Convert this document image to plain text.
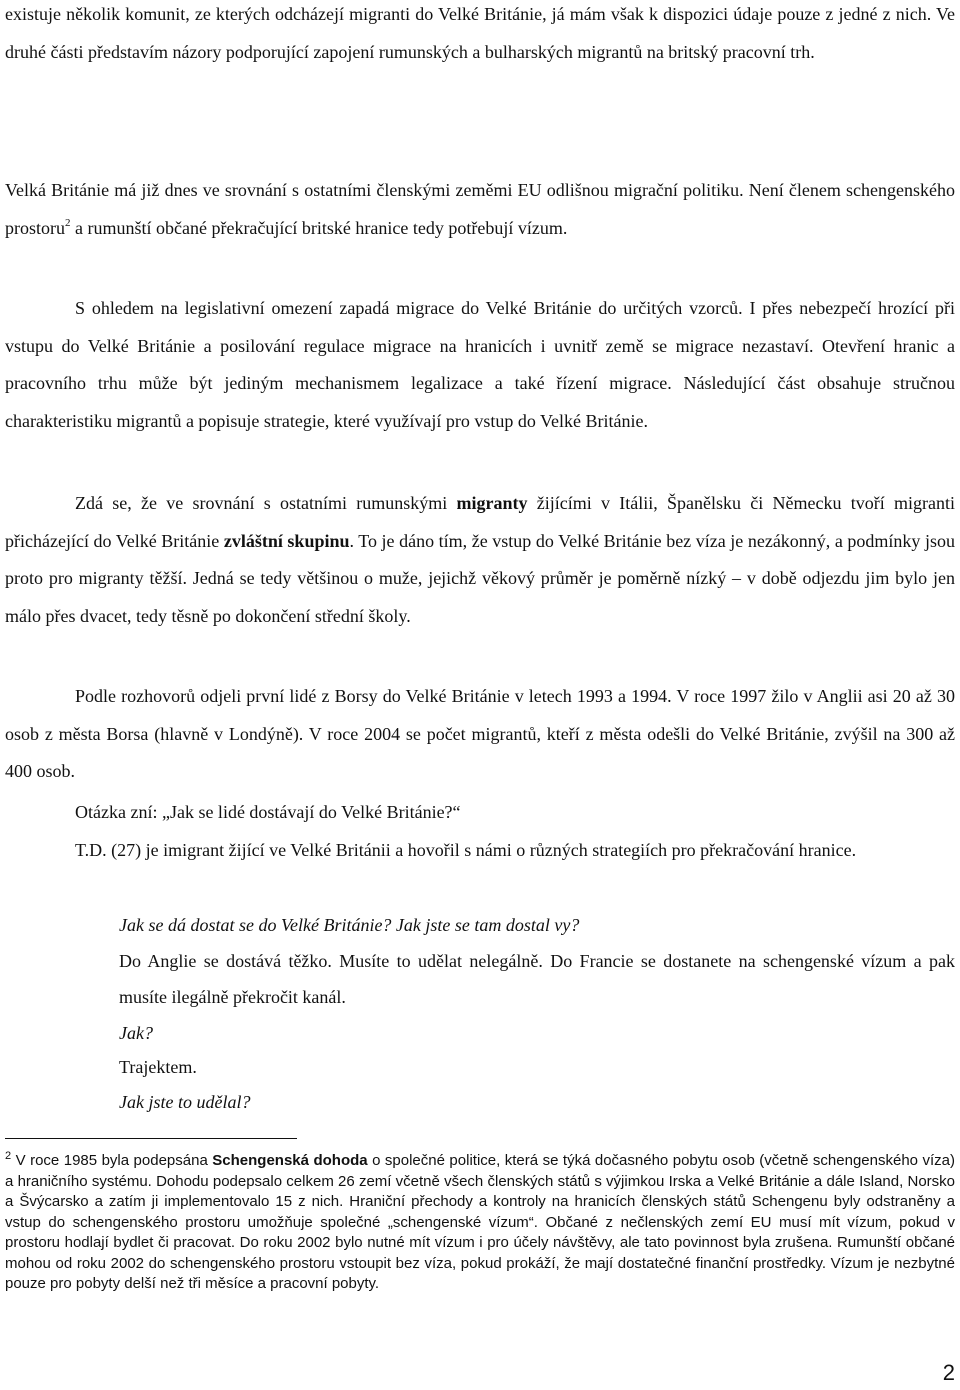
existuje několik komunit, ze kterých odcházejí migranti do Velké Británie, já mám však k dispozici údaje pouze z jedné z nich. Ve druhé části představím názory podporující zapojení rumunských a bulharských migrantů na britský pracovní trh.

Velká Británie má již dnes ve srovnání s ostatními členskými zeměmi EU odlišnou migrační politiku. Není členem schengenského prostoru$^2$ a rumunští občané překračující britské hranice tedy potřebují vízum.

S ohledem na legislativní omezení zapadá migrace do Velké Británie do určitých vzorců. I přes nebezpečí hrozící při vstupu do Velké Británie a posilování regulace migrace na hranicích i uvnitř země se migrace nezastaví. Otevření hranic a pracovního trhu může být jediným mechanismem legalizace a také řízení migrace. Následující část obsahuje stručnou charakteristiku migrantů a popisuje strategie, které využívají pro vstup do Velké Británie.

Zdá se, že ve srovnání s ostatními rumunskými migranty žijícími v Itálii, Španělsku či Německu tvoří migranti přicházející do Velké Británie zvláštní skupinu. To je dáno tím, že vstup do Velké Británie bez víza je nezákonný, a podmínky jsou proto pro migranty těžší. Jedná se tedy většinou o muže, jejichž věkový průměr je poměrně nízký – v době odjezdu jim bylo jen málo přes dvacet, tedy těsně po dokončení střední školy.

Podle rozhovorů odjeli první lidé z Borsy do Velké Británie v letech 1993 a 1994. V roce 1997 žilo v Anglii asi 20 až 30 osob z města Borsa (hlavně v Londýně). V roce 2004 se počet migrantů, kteří z města odešli do Velké Británie, zvýšil na 300 až 400 osob.

Otázka zní: „Jak se lidé dostávají do Velké Británie?“

T.D. (27) je imigrant žijící ve Velké Británii a hovořil s námi o různých strategiích pro překračování hranice.

Jak se dá dostat se do Velké Británie? Jak jste se tam dostal vy?

Do Anglie se dostává těžko. Musíte to udělat nelegálně. Do Francie se dostanete na schengenské vízum a pak musíte ilegálně překročit kanál.

Jak?

Trajektem.

Jak jste to udělal?

$^2$ V roce 1985 byla podepsána Schengenská dohoda o společné politice, která se týká dočasného pobytu osob (včetně schengenského víza) a hraničního systému. Dohodu podepsalo celkem 26 zemí včetně všech členských států s výjimkou Irska a Velké Británie a dále Island, Norsko a Švýcarsko a zatím ji implementovalo 15 z nich. Hraniční přechody a kontroly na hranicích členských států Schengenu byly odstraněny a vstup do schengenského prostoru umožňuje společné „schengenské vízum“. Občané z nečlenských zemí EU musí mít vízum, pokud v prostoru hodlají bydlet či pracovat. Do roku 2002 bylo nutné mít vízum i pro účely návštěvy, ale tato povinnost byla zrušena. Rumunští občané mohou od roku 2002 do schengenského prostoru vstoupit bez víza, pokud prokáží, že mají dostatečné finanční prostředky. Vízum je nezbytné pouze pro pobyty delší než tři měsíce a pracovní pobyty.

2
